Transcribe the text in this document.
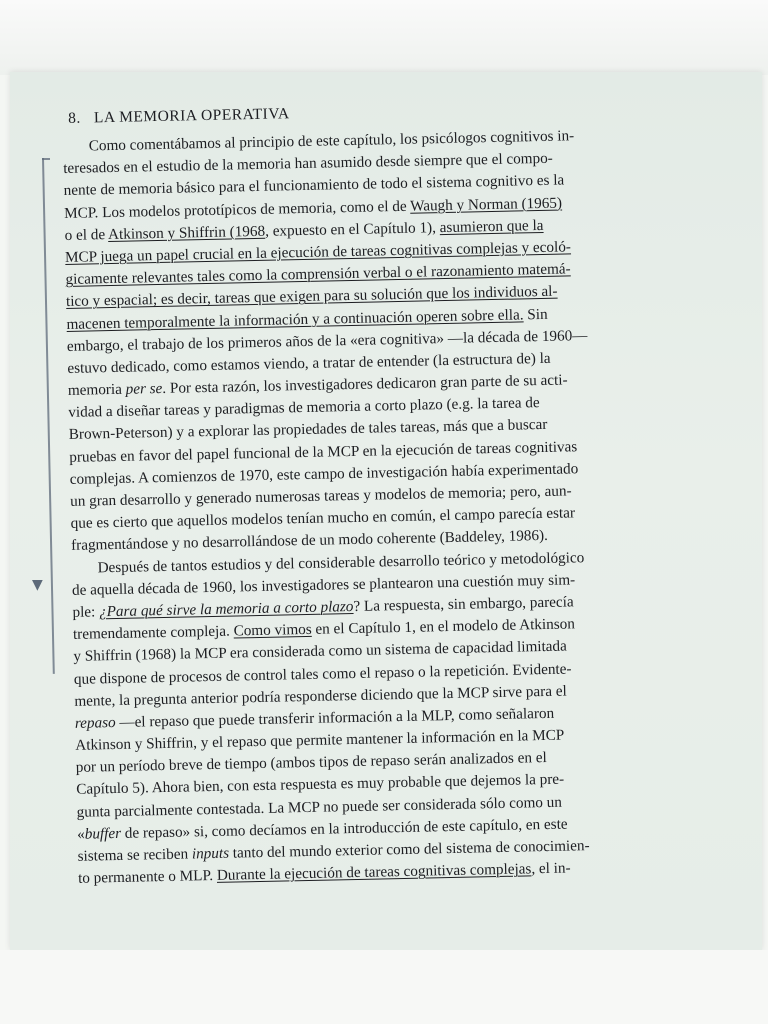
▼
8. LA MEMORIA OPERATIVA
Como comentábamos al principio de este capítulo, los psicólogos cognitivos in-
teresados en el estudio de la memoria han asumido desde siempre que el compo-
nente de memoria básico para el funcionamiento de todo el sistema cognitivo es la
MCP. Los modelos prototípicos de memoria, como el de Waugh y Norman (1965)
o el de Atkinson y Shiffrin (1968, expuesto en el Capítulo 1), asumieron que la
MCP juega un papel crucial en la ejecución de tareas cognitivas complejas y ecoló-
gicamente relevantes tales como la comprensión verbal o el razonamiento matemá-
tico y espacial; es decir, tareas que exigen para su solución que los individuos al-
macenen temporalmente la información y a continuación operen sobre ella. Sin
embargo, el trabajo de los primeros años de la «era cognitiva» —la década de 1960—
estuvo dedicado, como estamos viendo, a tratar de entender (la estructura de) la
memoria per se. Por esta razón, los investigadores dedicaron gran parte de su acti-
vidad a diseñar tareas y paradigmas de memoria a corto plazo (e.g. la tarea de
Brown-Peterson) y a explorar las propiedades de tales tareas, más que a buscar
pruebas en favor del papel funcional de la MCP en la ejecución de tareas cognitivas
complejas. A comienzos de 1970, este campo de investigación había experimentado
un gran desarrollo y generado numerosas tareas y modelos de memoria; pero, aun-
que es cierto que aquellos modelos tenían mucho en común, el campo parecía estar
fragmentándose y no desarrollándose de un modo coherente (Baddeley, 1986).
Después de tantos estudios y del considerable desarrollo teórico y metodológico
de aquella década de 1960, los investigadores se plantearon una cuestión muy sim-
ple: ¿Para qué sirve la memoria a corto plazo? La respuesta, sin embargo, parecía
tremendamente compleja. Como vimos en el Capítulo 1, en el modelo de Atkinson
y Shiffrin (1968) la MCP era considerada como un sistema de capacidad limitada
que dispone de procesos de control tales como el repaso o la repetición. Evidente-
mente, la pregunta anterior podría responderse diciendo que la MCP sirve para el
repaso —el repaso que puede transferir información a la MLP, como señalaron
Atkinson y Shiffrin, y el repaso que permite mantener la información en la MCP
por un período breve de tiempo (ambos tipos de repaso serán analizados en el
Capítulo 5). Ahora bien, con esta respuesta es muy probable que dejemos la pre-
gunta parcialmente contestada. La MCP no puede ser considerada sólo como un
«buffer de repaso» si, como decíamos en la introducción de este capítulo, en este
sistema se reciben inputs tanto del mundo exterior como del sistema de conocimien-
to permanente o MLP. Durante la ejecución de tareas cognitivas complejas, el in-
